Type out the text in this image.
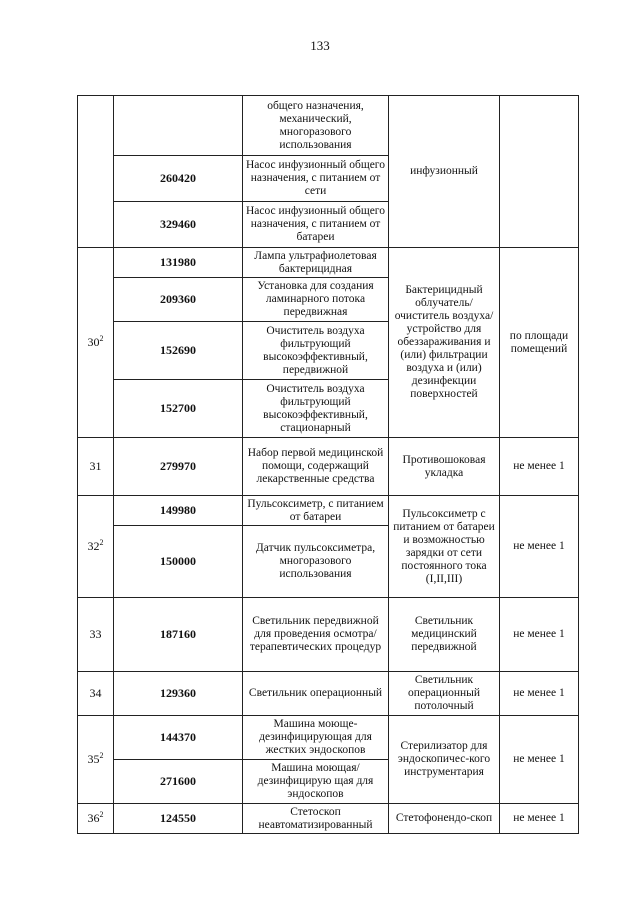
133
		общего назначения, механический, многоразового использования	инфузионный	
	260420	Насос инфузионный общего назначения, с питанием от сети		
	329460	Насос инфузионный общего назначения, с питанием от батареи		
$30^2$	131980	Лампа ультрафиолетовая бактерицидная	Бактерицидный облучатель/ очиститель воздуха/ устройство для обеззараживания и (или) фильтрации воздуха и (или) дезинфекции поверхностей	по площади помещений
	209360	Установка для создания ламинарного потока передвижная		
	152690	Очиститель воздуха фильтрующий высокоэффективный, передвижной		
	152700	Очиститель воздуха фильтрующий высокоэффективный, стационарный		
31	279970	Набор первой медицинской помощи, содержащий лекарственные средства	Противошоковая укладка	не менее 1
$32^2$	149980	Пульсоксиметр, с питанием от батареи	Пульсоксиметр с питанием от батареи и возможностью зарядки от сети постоянного тока (I,II,III)	не менее 1
	150000	Датчик пульсоксиметра, многоразового использования		
33	187160	Светильник передвижной для проведения осмотра/терапевтических процедур	Светильник медицинский передвижной	не менее 1
34	129360	Светильник операционный	Светильник операционный потолочный	не менее 1
$35^2$	144370	Машина моюще-дезинфицирующая для жестких эндоскопов	Стерилизатор для эндоскопичес-кого инструментария	не менее 1
	271600	Машина моющая/дезинфицирую щая для эндоскопов		
$36^2$	124550	Стетоскоп неавтоматизированный	Стетофонендо-скоп	не менее 1
